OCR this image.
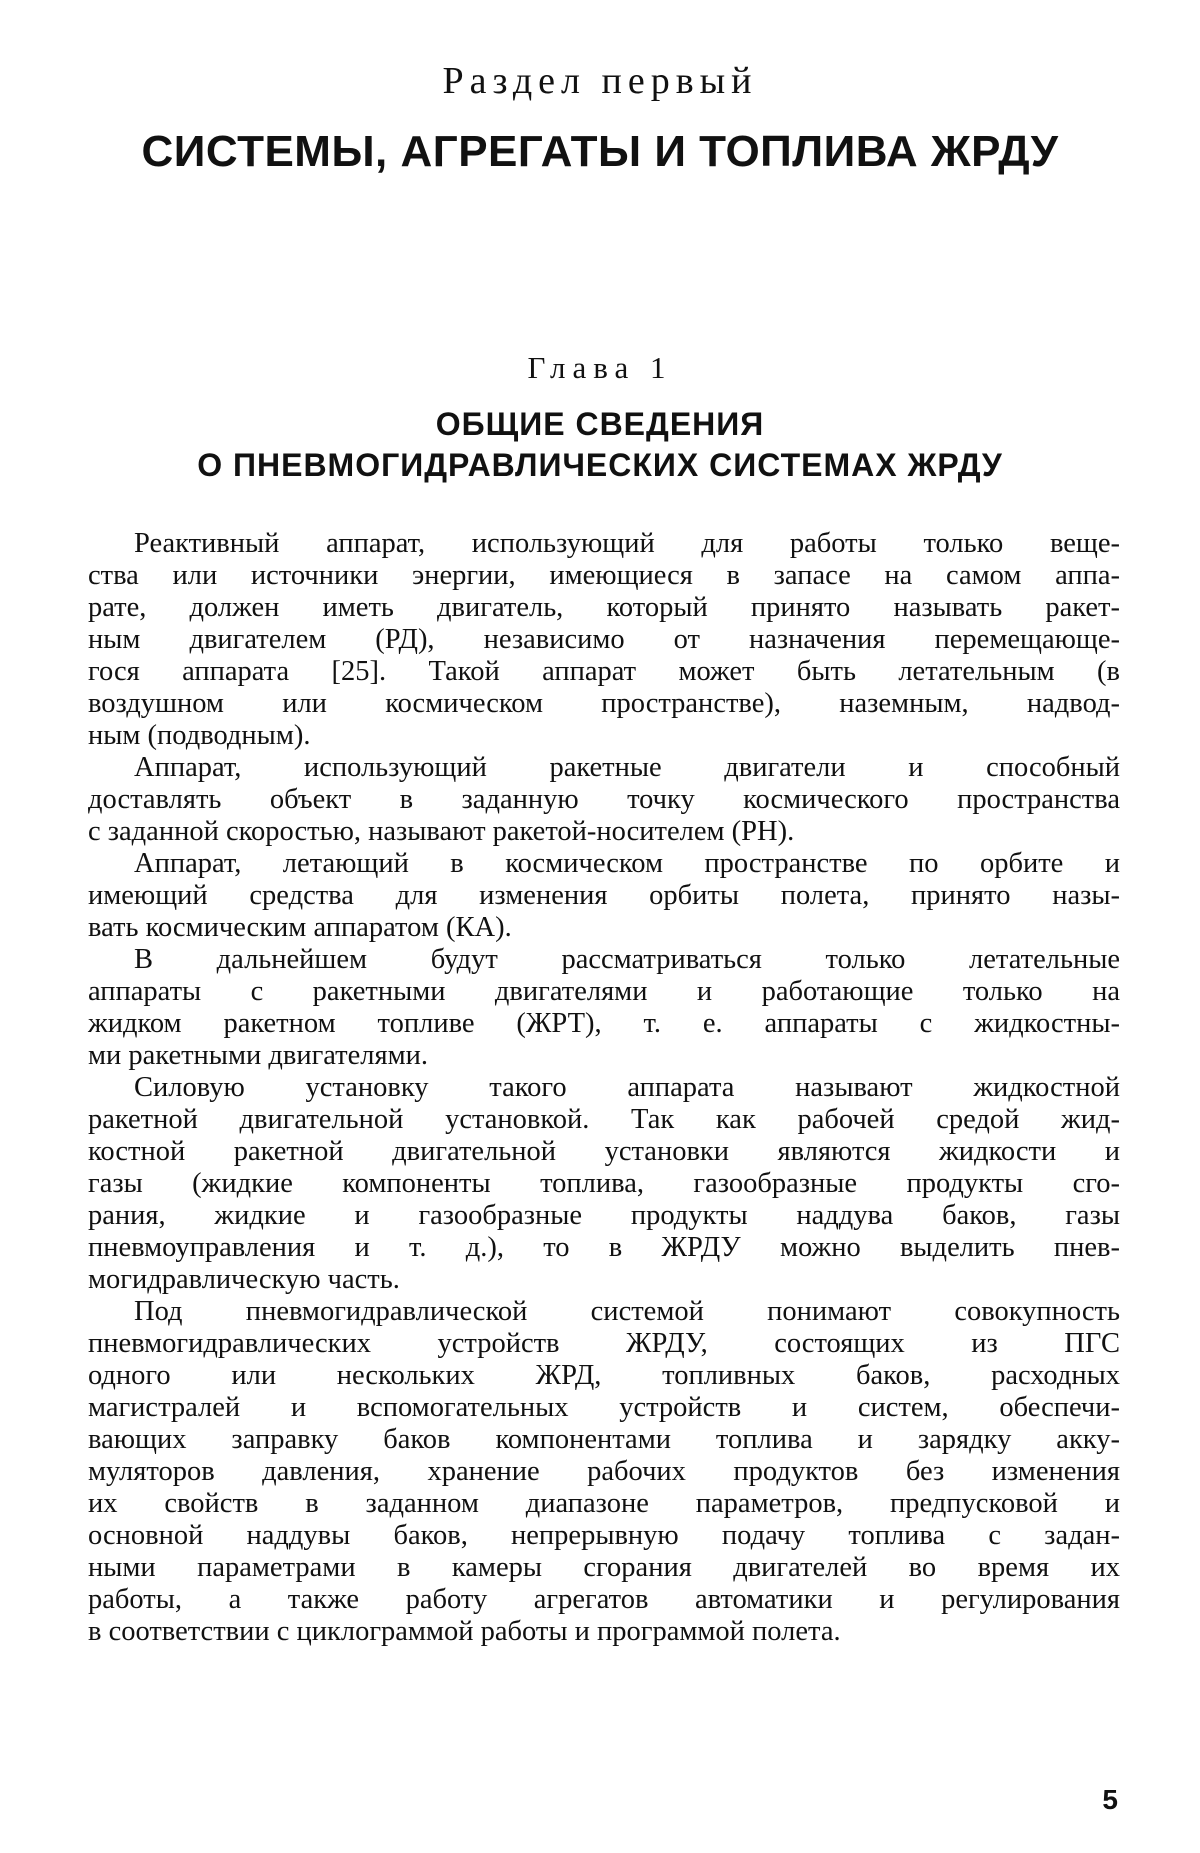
Раздел первый
СИСТЕМЫ, АГРЕГАТЫ И ТОПЛИВА ЖРДУ
Глава 1
ОБЩИЕ СВЕДЕНИЯ
О ПНЕВМОГИДРАВЛИЧЕСКИХ СИСТЕМАХ ЖРДУ
Реактивный аппарат, использующий для работы только веще-
ства или источники энергии, имеющиеся в запасе на самом аппа-
рате, должен иметь двигатель, который принято называть ракет-
ным двигателем (РД), независимо от назначения перемещающе-
гося аппарата [25]. Такой аппарат может быть летательным (в
воздушном или космическом пространстве), наземным, надвод-
ным (подводным).
Аппарат, использующий ракетные двигатели и способный
доставлять объект в заданную точку космического пространства
с заданной скоростью, называют ракетой-носителем (РН).
Аппарат, летающий в космическом пространстве по орбите и
имеющий средства для изменения орбиты полета, принято назы-
вать космическим аппаратом (КА).
В дальнейшем будут рассматриваться только летательные
аппараты с ракетными двигателями и работающие только на
жидком ракетном топливе (ЖРТ), т. е. аппараты с жидкостны-
ми ракетными двигателями.
Силовую установку такого аппарата называют жидкостной
ракетной двигательной установкой. Так как рабочей средой жид-
костной ракетной двигательной установки являются жидкости и
газы (жидкие компоненты топлива, газообразные продукты сго-
рания, жидкие и газообразные продукты наддува баков, газы
пневмоуправления и т. д.), то в ЖРДУ можно выделить пнев-
могидравлическую часть.
Под пневмогидравлической системой понимают совокупность
пневмогидравлических устройств ЖРДУ, состоящих из ПГС
одного или нескольких ЖРД, топливных баков, расходных
магистралей и вспомогательных устройств и систем, обеспечи-
вающих заправку баков компонентами топлива и зарядку акку-
муляторов давления, хранение рабочих продуктов без изменения
их свойств в заданном диапазоне параметров, предпусковой и
основной наддувы баков, непрерывную подачу топлива с задан-
ными параметрами в камеры сгорания двигателей во время их
работы, а также работу агрегатов автоматики и регулирования
в соответствии с циклограммой работы и программой полета.
5
